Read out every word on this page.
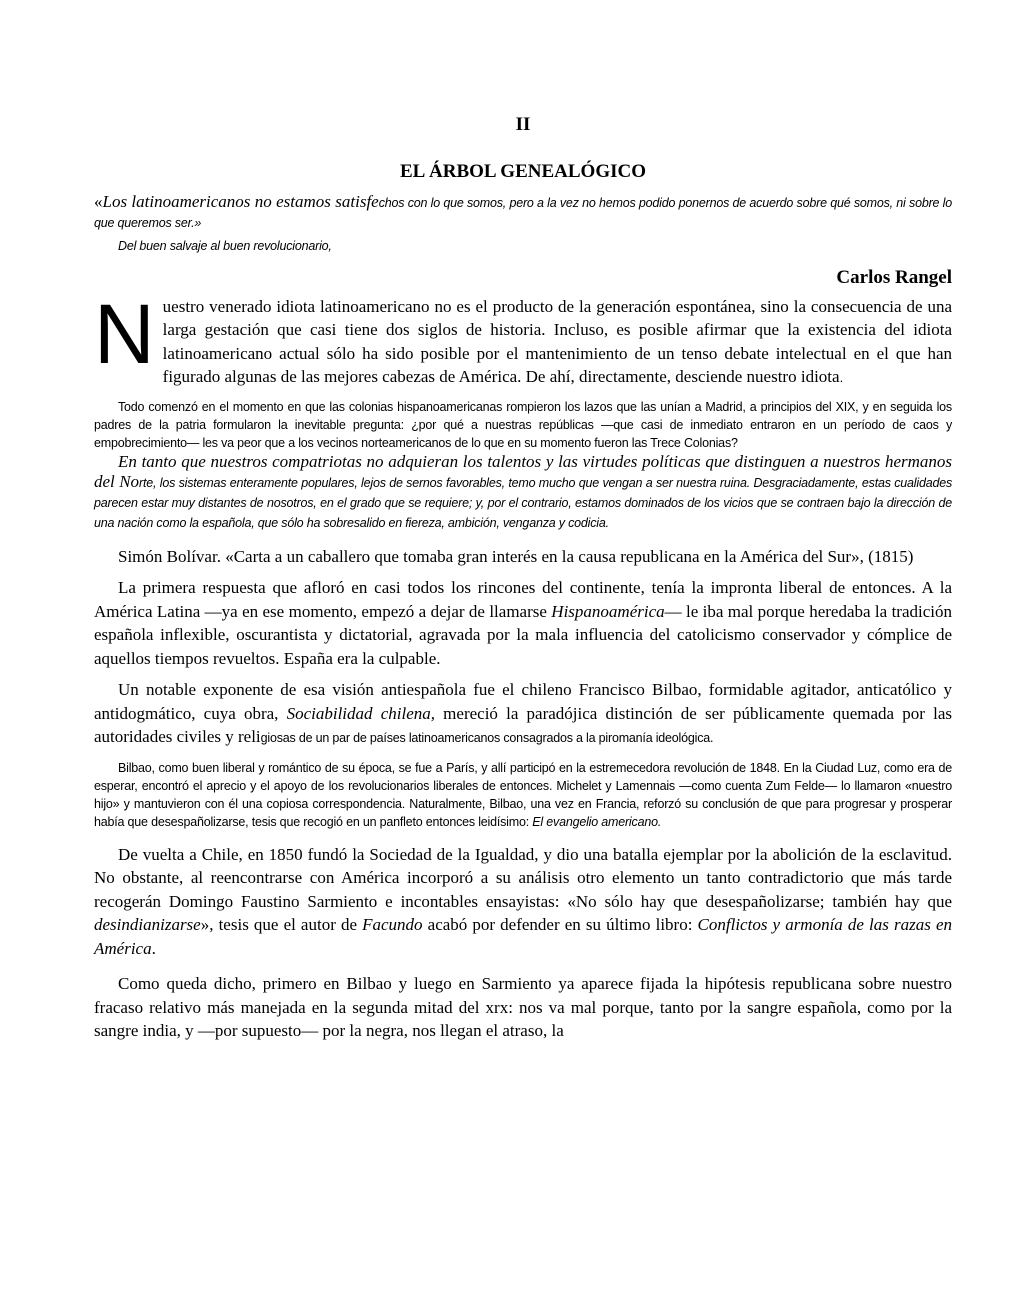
II
EL ÁRBOL GENEALÓGICO

«Los latinoamericanos no estamos satisfechos con lo que somos, pero a la vez no hemos podido ponernos de acuerdo sobre qué somos, ni sobre lo que queremos ser.»

Del buen salvaje al buen revolucionario,
Carlos Rangel

Nuestro venerado idiota latinoamericano no es el producto de la generación espontánea, sino la consecuencia de una larga gestación que casi tiene dos siglos de historia. Incluso, es posible afirmar que la existencia del idiota latinoamericano actual sólo ha sido posible por el mantenimiento de un tenso debate intelectual en el que han figurado algunas de las mejores cabezas de América. De ahí, directamente, desciende nuestro idiota.

Todo comenzó en el momento en que las colonias hispanoamericanas rompieron los lazos que las unían a Madrid, a principios del XIX, y en seguida los padres de la patria formularon la inevitable pregunta: ¿por qué a nuestras repúblicas —que casi de inmediato entraron en un período de caos y empobrecimiento— les va peor que a los vecinos norteamericanos de lo que en su momento fueron las Trece Colonias?

En tanto que nuestros compatriotas no adquieran los talentos y las virtudes políticas que distinguen a nuestros hermanos del Norte, los sistemas enteramente populares, lejos de sernos favorables, temo mucho que vengan a ser nuestra ruina. Desgraciadamente, estas cualidades parecen estar muy distantes de nosotros, en el grado que se requiere; y, por el contrario, estamos dominados de los vicios que se contraen bajo la dirección de una nación como la española, que sólo ha sobresalido en fiereza, ambición, venganza y codicia.

Simón Bolívar. «Carta a un caballero que tomaba gran interés en la causa republicana en la América del Sur», (1815)

La primera respuesta que afloró en casi todos los rincones del continente, tenía la impronta liberal de entonces. A la América Latina —ya en ese momento, empezó a dejar de llamarse Hispanoamérica— le iba mal porque heredaba la tradición española inflexible, oscurantista y dictatorial, agravada por la mala influencia del catolicismo conservador y cómplice de aquellos tiempos revueltos. España era la culpable.

Un notable exponente de esa visión antiespañola fue el chileno Francisco Bilbao, formidable agitador, anticatólico y antidogmático, cuya obra, Sociabilidad chilena, mereció la paradójica distinción de ser públicamente quemada por las autoridades civiles y religiosas de un par de países latinoamericanos consagrados a la piromanía ideológica.

Bilbao, como buen liberal y romántico de su época, se fue a París, y allí participó en la estremecedora revolución de 1848. En la Ciudad Luz, como era de esperar, encontró el aprecio y el apoyo de los revolucionarios liberales de entonces. Michelet y Lamennais —como cuenta Zum Felde— lo llamaron «nuestro hijo» y mantuvieron con él una copiosa correspondencia. Naturalmente, Bilbao, una vez en Francia, reforzó su conclusión de que para progresar y prosperar había que desespañolizarse, tesis que recogió en un panfleto entonces leidísimo: El evangelio americano.

De vuelta a Chile, en 1850 fundó la Sociedad de la Igualdad, y dio una batalla ejemplar por la abolición de la esclavitud. No obstante, al reencontrarse con América incorporó a su análisis otro elemento un tanto contradictorio que más tarde recogerán Domingo Faustino Sarmiento e incontables ensayistas: «No sólo hay que desespañolizarse; también hay que desindianizarse», tesis que el autor de Facundo acabó por defender en su último libro: Conflictos y armonía de las razas en América.

Como queda dicho, primero en Bilbao y luego en Sarmiento ya aparece fijada la hipótesis republicana sobre nuestro fracaso relativo más manejada en la segunda mitad del xrx: nos va mal porque, tanto por la sangre española, como por la sangre india, y —por supuesto— por la negra, nos llegan el atraso, la
